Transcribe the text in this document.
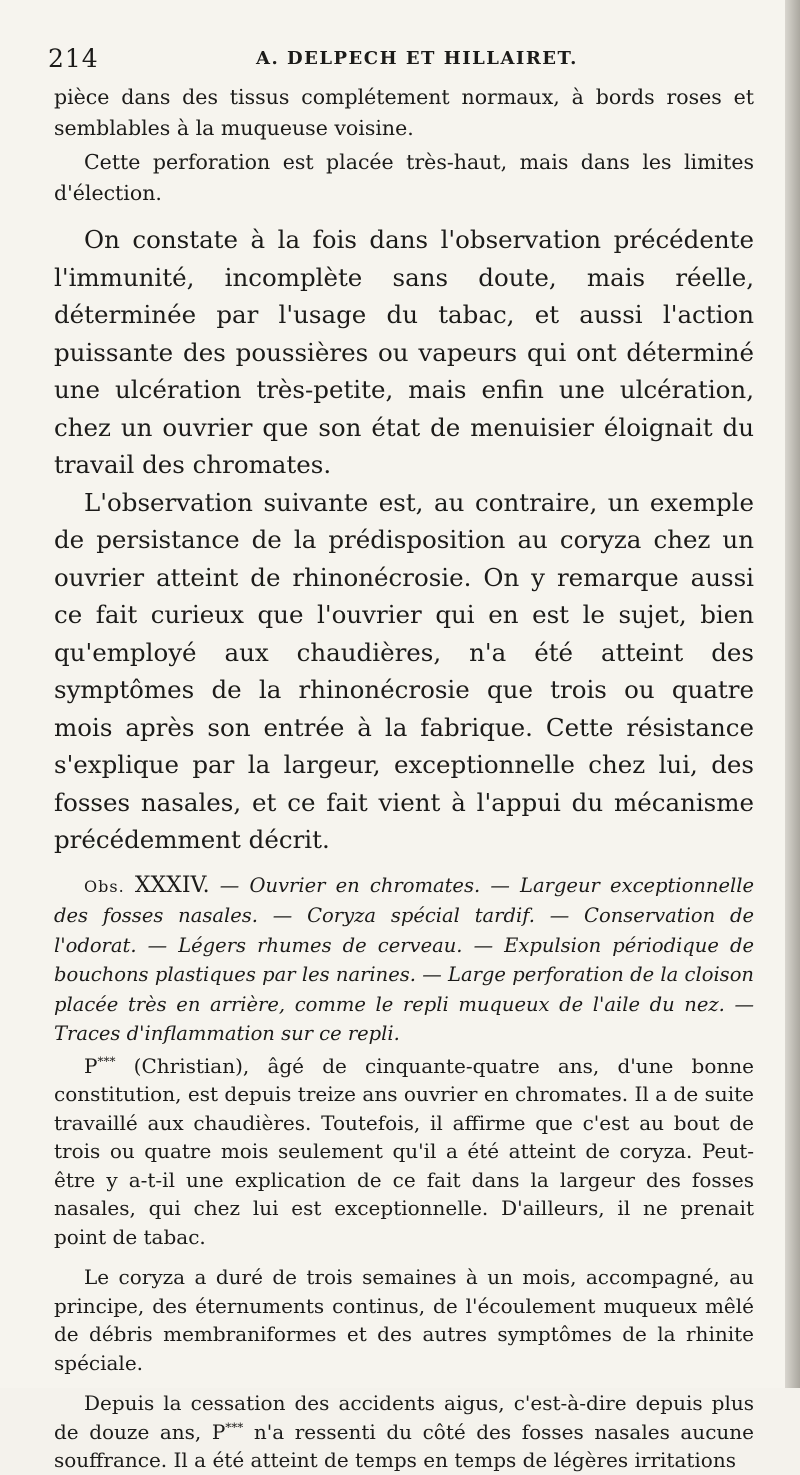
214	A. DELPECH ET HILLAIRET.

pièce dans des tissus complétement normaux, à bords roses et semblables à la muqueuse voisine.

Cette perforation est placée très-haut, mais dans les limites d'élection.

On constate à la fois dans l'observation précédente l'immunité, incomplète sans doute, mais réelle, déterminée par l'usage du tabac, et aussi l'action puissante des poussières ou vapeurs qui ont déterminé une ulcération très-petite, mais enfin une ulcération, chez un ouvrier que son état de menuisier éloignait du travail des chromates.

L'observation suivante est, au contraire, un exemple de persistance de la prédisposition au coryza chez un ouvrier atteint de rhinonécrosie. On y remarque aussi ce fait curieux que l'ouvrier qui en est le sujet, bien qu'employé aux chaudières, n'a été atteint des symptômes de la rhinonécrosie que trois ou quatre mois après son entrée à la fabrique. Cette résistance s'explique par la largeur, exceptionnelle chez lui, des fosses nasales, et ce fait vient à l'appui du mécanisme précédemment décrit.

Obs. XXXIV. — Ouvrier en chromates. — Largeur exceptionnelle des fosses nasales. — Coryza spécial tardif. — Conservation de l'odorat. — Légers rhumes de cerveau. — Expulsion périodique de bouchons plastiques par les narines. — Large perforation de la cloison placée très en arrière, comme le repli muqueux de l'aile du nez. — Traces d'inflammation sur ce repli.

P*** (Christian), âgé de cinquante-quatre ans, d'une bonne constitution, est depuis treize ans ouvrier en chromates. Il a de suite travaillé aux chaudières. Toutefois, il affirme que c'est au bout de trois ou quatre mois seulement qu'il a été atteint de coryza. Peut-être y a-t-il une explication de ce fait dans la largeur des fosses nasales, qui chez lui est exceptionnelle. D'ailleurs, il ne prenait point de tabac.

Le coryza a duré de trois semaines à un mois, accompagné, au principe, des éternuments continus, de l'écoulement muqueux mêlé de débris membraniformes et des autres symptômes de la rhinite spéciale.

Depuis la cessation des accidents aigus, c'est-à-dire depuis plus de douze ans, P*** n'a ressenti du côté des fosses nasales aucune souffrance. Il a été atteint de temps en temps de légères irritations
